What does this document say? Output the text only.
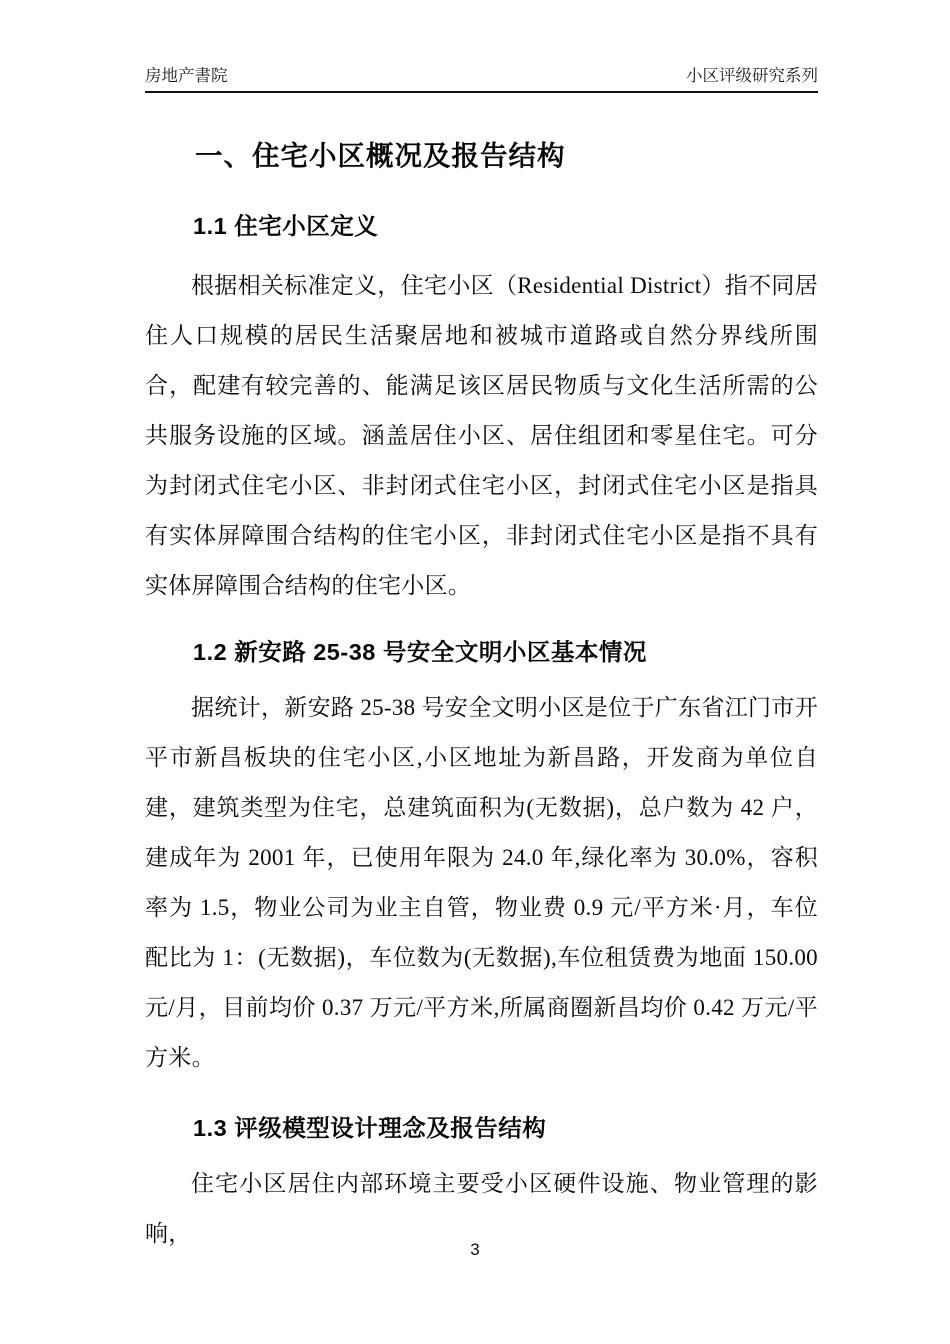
房地产書院	小区评级研究系列
一、住宅小区概况及报告结构
1.1 住宅小区定义

根据相关标准定义，住宅小区（Residential District）指不同居住人口规模的居民生活聚居地和被城市道路或自然分界线所围合，配建有较完善的、能满足该区居民物质与文化生活所需的公共服务设施的区域。涵盖居住小区、居住组团和零星住宅。可分为封闭式住宅小区、非封闭式住宅小区，封闭式住宅小区是指具有实体屏障围合结构的住宅小区，非封闭式住宅小区是指不具有实体屏障围合结构的住宅小区。

1.2 新安路 25-38 号安全文明小区基本情况

据统计，新安路 25-38 号安全文明小区是位于广东省江门市开平市新昌板块的住宅小区,小区地址为新昌路，开发商为单位自建，建筑类型为住宅，总建筑面积为(无数据)，总户数为 42 户，建成年为 2001 年，已使用年限为 24.0 年,绿化率为 30.0%，容积率为 1.5，物业公司为业主自管，物业费 0.9 元/平方米·月，车位配比为 1：(无数据)，车位数为(无数据),车位租赁费为地面 150.00 元/月，目前均价 0.37 万元/平方米,所属商圈新昌均价 0.42 万元/平方米。

1.3 评级模型设计理念及报告结构

住宅小区居住内部环境主要受小区硬件设施、物业管理的影响，

3
